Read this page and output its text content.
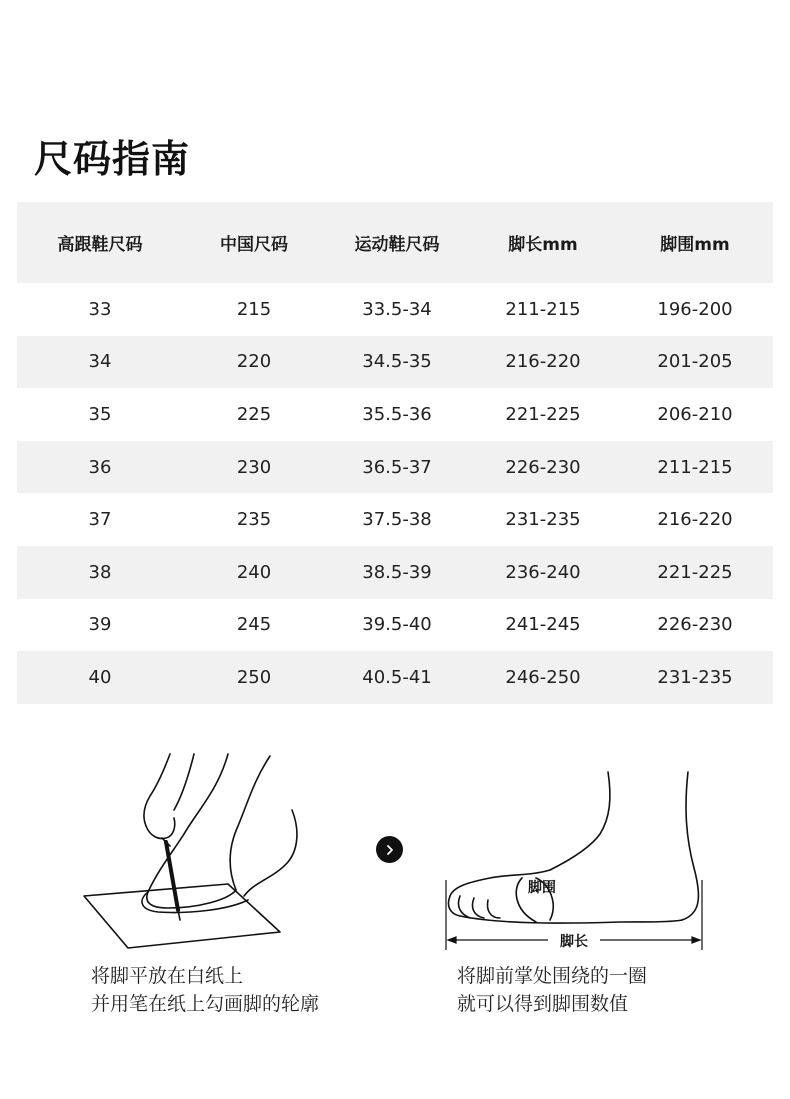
尺码指南
高跟鞋尺码	中国尺码	运动鞋尺码	脚长mm	脚围mm
33	215	33.5-34	211-215	196-200
34	220	34.5-35	216-220	201-205
35	225	35.5-36	221-225	206-210
36	230	36.5-37	226-230	211-215
37	235	37.5-38	231-235	216-220
38	240	38.5-39	236-240	221-225
39	245	39.5-40	241-245	226-230
40	250	40.5-41	246-250	231-235
脚围
脚长
将脚平放在白纸上
并用笔在纸上勾画脚的轮廓
将脚前掌处围绕的一圈
就可以得到脚围数值
